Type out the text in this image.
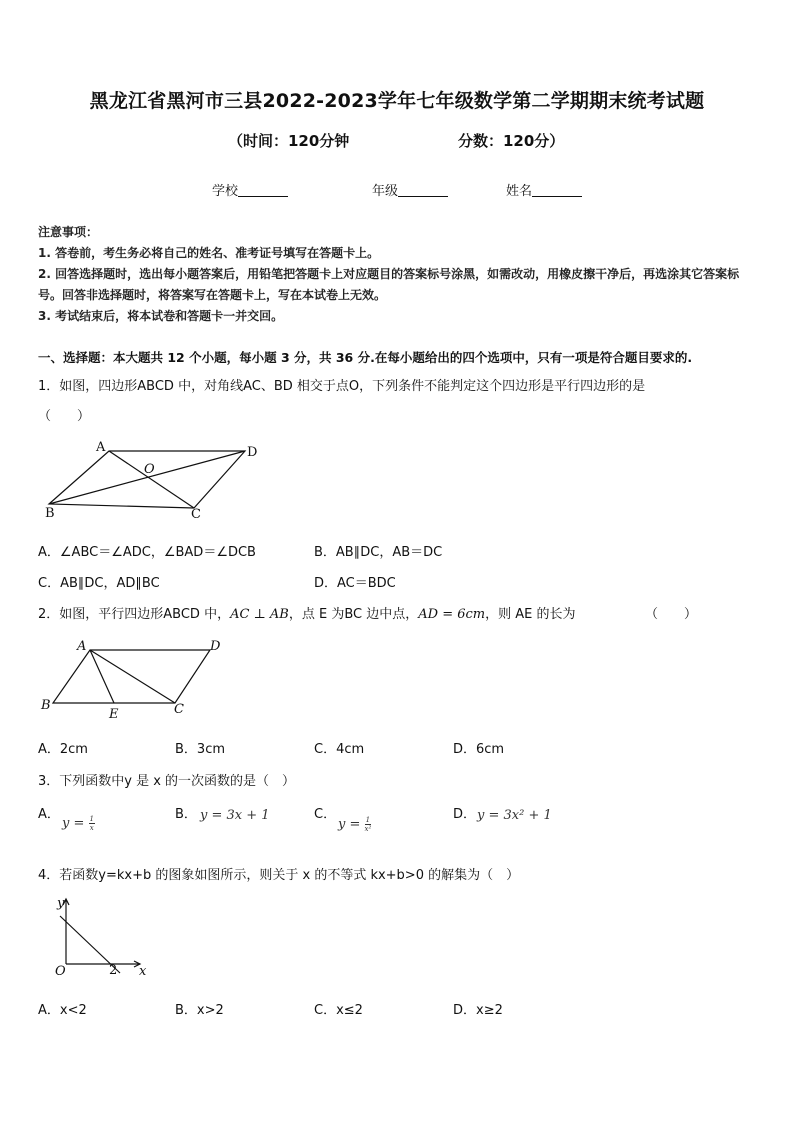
黑龙江省黑河市三县2022-2023学年七年级数学第二学期期末统考试题
（时间：120分钟	分数：120分）
学校	年级	姓名
注意事项：
1. 答卷前，考生务必将自己的姓名、准考证号填写在答题卡上。
2. 回答选择题时，选出每小题答案后，用铅笔把答题卡上对应题目的答案标号涂黑，如需改动，用橡皮擦干净后，再选涂其它答案标号。回答非选择题时，将答案写在答题卡上，写在本试卷上无效。
3. 考试结束后，将本试卷和答题卡一并交回。
一、选择题：本大题共 12 个小题，每小题 3 分，共 36 分.在每小题给出的四个选项中，只有一项是符合题目要求的.
1．如图，四边形ABCD 中，对角线AC、BD 相交于点O，下列条件不能判定这个四边形是平行四边形的是
（　　）
A	D
O
B	C
A．∠ABC＝∠ADC，∠BAD＝∠DCB	B．AB∥DC，AB＝DC
C．AB∥DC，AD∥BC	D．AC＝BDC
2．如图，平行四边形ABCD 中，AC ⊥ AB，点 E 为BC 边中点，AD = 6cm，则 AE 的长为	（　　）
A	D
B
E	C
A．2cm	B．3cm	C．4cm	D．6cm
3．下列函数中y 是 x 的一次函数的是（　）
A．
$y = \frac{1}{x}$
B． y = 3x + 1	C．
$y = \frac{1}{\text{x²}}$
D． y = 3x² + 1
4．若函数y=kx+b 的图象如图所示，则关于 x 的不等式 kx+b>0 的解集为（　）
y
x
O	2
A．x<2	B．x>2	C．x≤2	D．x≥2
